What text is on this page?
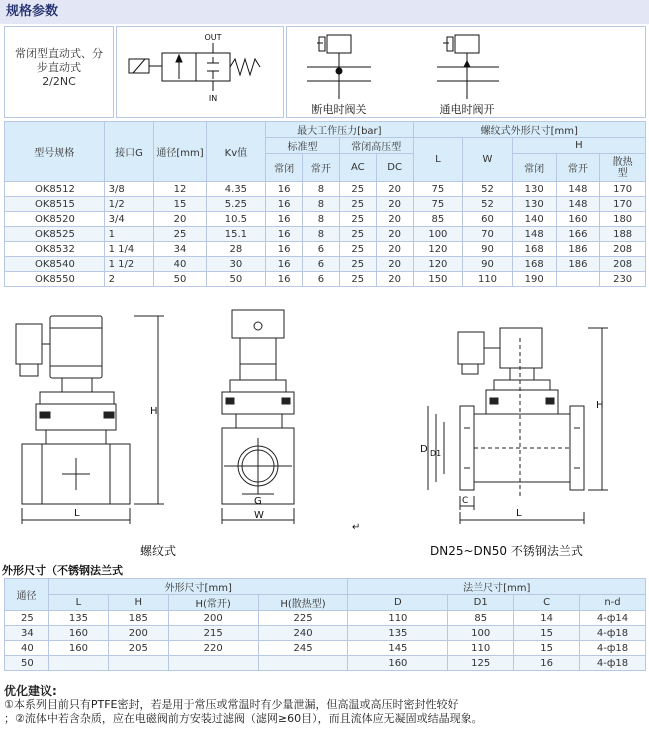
规格参数
常闭型直动式、分
步直动式
2/2NC
OUT
IN
断电时阀关	通电时阀开
型号规格	接口G	通径[mm]	Kv值	最大工作压力[bar]				螺纹式外形尺寸[mm]				
				标准型		常闭高压型		L	W	H		
				常闭	常开	AC	DC			常闭	常开	散热
型
OK8512	3/8	12	4.35	16	8	25	20	75	52	130	148	170
OK8515	1/2	15	5.25	16	8	25	20	75	52	130	148	170
OK8520	3/4	20	10.5	16	8	25	20	85	60	140	160	180
OK8525	1	25	15.1	16	8	25	20	100	70	148	166	188
OK8532	1 1/4	34	28	16	6	25	20	120	90	168	186	208
OK8540	1 1/2	40	30	16	6	25	20	120	90	168	186	208
OK8550	2	50	50	16	6	25	20	150	110	190		230
H
L
G
W
↵
H
D D1
C
L
螺纹式	DN25~DN50 不锈钢法兰式
外形尺寸（不锈钢法兰式
通径	外形尺寸[mm]				法兰尺寸[mm]			
	L	H	H(常开)	H(散热型)	D	D1	C	n-d
25	135	185	200	225	110	85	14	4-ф14
34	160	200	215	240	135	100	15	4-ф18
40	160	205	220	245	145	110	15	4-ф18
50					160	125	16	4-ф18
优化建议:
①本系列目前只有PTFE密封，若是用于常压或常温时有少量泄漏，但高温或高压时密封性较好
；②流体中若含杂质，应在电磁阀前方安装过滤阀（滤网≥60目），而且流体应无凝固或结晶现象。
